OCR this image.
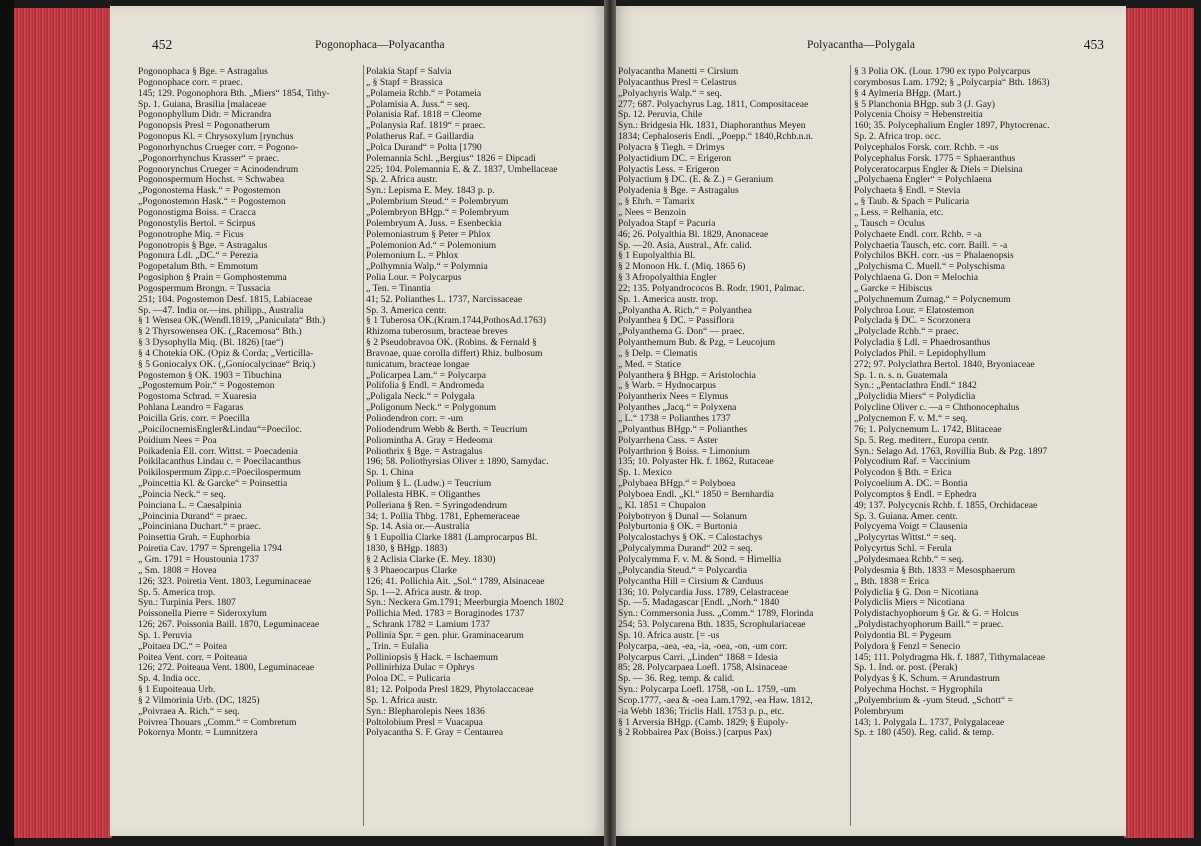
452	Pogonophaca—Polyacantha
Pogonophaca § Bge. = Astragalus
Pogonophace corr. = praec.
145; 129. Pogonophora Bth. „Miers“ 1854, Tithy-
Sp. 1. Guiana, Brasilia [malaceae
Pogonophyllum Didr. = Micrandra
Pogonopsis Presl = Pogonatherum
Pogonopus Kl. = Chrysoxylum [rynchus
Pogonorhynchus Crueger corr. = Pogono-
„Pogonorrhynchus Krasser“ = praec.
Pogonorynchus Crueger = Acinodendrum
Pogonospermum Hochst. = Schwabea
„Pogonostema Hask.“ = Pogostemon
„Pogonostemon Hask.“ = Pogostemon
Pogonostigma Boiss. = Cracca
Pogonostylis Bertol. = Scirpus
Pogonotrophe Miq. = Ficus
Pogonotropis § Bge. = Astragalus
Pogonura Ldl. „DC.“ = Perezia
Pogopetalum Bth. = Emmotum
Pogosiphon § Prain = Gomphostemma
Pogospermum Brongn. = Tussacia
251; 104. Pogostemon Desf. 1815, Labiaceae
Sp. —47. India or.—ins. philipp., Australia
§ 1 Wensea OK.(Wendl.1819, „Paniculata“ Bth.)
§ 2 Thyrsowensea OK. („Racemosa“ Bth.)
§ 3 Dysophylla Miq. (Bl. 1826) [tae“)
§ 4 Chotekia OK. (Opiz & Corda; „Verticilla-
§ 5 Goniocalyx OK. („Goniocalycinae“ Briq.)
Pogostemon § OK. 1903 = Tibuchina
„Pogostemum Poir.“ = Pogostemon
Pogostoma Schrad. = Xuaresia
Pohlana Leandro = Fagaras
Poicilla Gris. corr. = Poecilla
„PoicilocnemisEngler&Lindau“=Poeciloc.
Poidium Nees = Poa
Poikadenia Ell. corr. Wittst. = Poecadenia
Poikilacanthus Lindau c. = Poecilacanthus
Poikilospermum Zipp.c.=Poecilospermum
„Poincettia Kl. & Garcke“ = Poinsettia
„Poincia Neck.“ = seq.
Poinciana L. = Caesalpinia
„Poincinia Durand“ = praec.
„Poinciniana Duchart.“ = praec.
Poinsettia Grah. = Euphorbia
Poiretia Cav. 1797 = Sprengelia 1794
„ Gm. 1791 = Houstounia 1737
„ Sm. 1808 = Hovea
126; 323. Poiretia Vent. 1803, Leguminaceae
Sp. 5. America trop.
Syn.: Turpinia Pers. 1807
Poissonella Pierre = Sideroxylum
126; 267. Poissonia Baill. 1870, Leguminaceae
Sp. 1. Peruvia
„Poitaea DC.“ = Poitea
Poitea Vent. corr. = Poiteaua
126; 272. Poiteaua Vent. 1800, Leguminaceae
Sp. 4. India occ.
§ 1 Eupoiteaua Urb.
§ 2 Vilmorinia Urb. (DC. 1825)
„Poivraea A. Rich.“ = seq.
Poivrea Thouars „Comm.“ = Combretum
Pokornya Montr. = Lumnitzera
Polakia Stapf = Salvia
„ § Stapf = Brassica
„Polameia Rchb.“ = Potameia
„Polamisia A. Juss.“ = seq.
Polanisia Raf. 1818 = Cleome
„Polanysia Raf. 1819“ = praec.
Polatherus Raf. = Gaillardia
„Polca Durand“ = Polta [1790
Polemannia Schl. „Bergius“ 1826 = Dipcadi
225; 104. Polemannia E. & Z. 1837, Umbellaceae
Sp. 2. Africa austr.
Syn.: Lepisma E. Mey. 1843 p. p.
„Polembrium Steud.“ = Polembryum
„Polembryon BHgp.“ = Polembryum
Polembryum A. Juss. = Esenbeckia
Polemoniastrum § Peter = Phlox
„Polemonion Ad.“ = Polemonium
Polemonium L. = Phlox
„Polhymnia Walp.“ = Polymnia
Polia Lour. = Polycarpus
„ Ten. = Tinantia
41; 52. Polianthes L. 1737, Narcissaceae
Sp. 3. America centr.
§ 1 Tuberosa OK.(Kram.1744,PothosAd.1763)
Rhizoma tuberosum, bracteae breves
§ 2 Pseudobravoa OK. (Robins. & Fernald §
Bravoae, quae corolla differt) Rhiz. bulbosum
tunicatum, bracteae longae
„Policarpea Lam.“ = Polycarpa
Polifolia § Endl. = Andromeda
„Poligala Neck.“ = Polygala
„Poligonum Neck.“ = Polygonum
Poliodendron corr. = -um
Poliodendrum Webb & Berth. = Teucrium
Poliomintha A. Gray = Hedeoma
Poliothrix § Bge. = Astragalus
196; 58. Poliothyrsias Oliver ± 1890, Samydac.
Sp. 1. China
Polium § L. (Ludw.) = Teucrium
Pollalesta HBK. = Oliganthes
Polleriana § Ren. = Syringodendrum
34; 1. Pollia Thbg. 1781, Ephemeraceae
Sp. 14. Asia or.—Australia
§ 1 Eupollia Clarke 1881 (Lamprocarpus Bl.
1830, § BHgp. 1883)
§ 2 Aclisia Clarke (E. Mey. 1830)
§ 3 Phaeocarpus Clarke
126; 41. Pollichia Ait. „Sol.“ 1789, Alsinaceae
Sp. 1—2. Africa austr. & trop.
Syn.: Neckera Gm.1791; Meerburgia Moench 1802
Pollichia Med. 1783 = Boraginodes 1737
„ Schrank 1782 = Lamium 1737
Pollinia Spr. = gen. plur. Graminacearum
„ Trin. = Eulalia
Polliniopsis § Hack. = Ischaemum
Pollinirhiza Dulac = Ophrys
Poloa DC. = Pulicaria
81; 12. Polpoda Presl 1829, Phytolaccaceae
Sp. 1. Africa austr.
Syn.: Blepharolepis Nees 1836
Poltolobium Presl = Vuacapua
Polyacantha S. F. Gray = Centaurea
Polyacantha—Polygala	453
Polyacantha Manetti = Cirsium
Polyacanthus Presl = Celastrus
„Polyachyris Walp.“ = seq.
277; 687. Polyachyrus Lag. 1811, Compositaceae
Sp. 12. Peruvia, Chile
Syn.: Bridgesia Hk. 1831, Diaphoranthus Meyen
1834; Cephaloseris Endl. „Poepp.“ 1840,Rchb.n.n.
Polyacra § Tiegh. = Drimys
Polyactidium DC. = Erigeron
Polyactis Less. = Erigeron
Polyactium § DC. (E. & Z.) = Geranium
Polyadenia § Bge. = Astragalus
„ § Ehrh. = Tamarix
„ Nees = Benzoin
Polyadoa Stapf = Pacuria
46; 26. Polyalthia Bl. 1829, Anonaceae
Sp. —20. Asia, Austral., Afr. calid.
§ 1 Eupolyalthia Bl.
§ 2 Monoon Hk. f. (Miq. 1865 6)
§ 3 Afropolyalthia Engler
22; 135. Polyandrococos B. Rodr. 1901, Palmac.
Sp. 1. America austr. trop.
„Polyantha A. Rich.“ = Polyanthea
Polyanthea § DC. = Passiflora
„Polyanthema G. Don“ — praec.
Polyanthemum Bub. & Pzg. = Leucojum
„ § Delp. = Clematis
„ Med. = Statice
Polyanthera § BHgp. = Aristolochia
„ § Warb. = Hydnocarpus
Polyantherix Nees = Elymus
Polyanthes „Jacq.“ = Polyxena
„ L.“ 1738 = Polianthes 1737
„Polyanthus BHgp.“ = Polianthes
Polyarrhena Cass. = Aster
Polyarthrion § Boiss. = Limonium
135; 10. Polyaster Hk. f. 1862, Rutaceae
Sp. 1. Mexico
„Polybaea BHgp.“ = Polyboea
Polyboea Endl. „Kl.“ 1850 = Bernhardia
„ Kl. 1851 = Chupalon
Polybotryon § Dunal — Solanum
Polyburtonia § OK. = Burtonia
Polycalostachys § OK. = Calostachys
„Polycalymma Durand“ 202 = seq.
Polycalymma F. v. M. & Sond. = Hirnellia
„Polycandia Steud.“ = Polycardia
Polycantha Hill = Cirsium & Carduus
136; 10. Polycardia Juss. 1789, Celastraceae
Sp. —5. Madagascar [Endl. „Norh.“ 1840
Syn.: Commersonia Juss. „Comm.“ 1789, Florinda
254; 53. Polycarena Bth. 1835, Scrophulariaceae
Sp. 10. Africa austr. [= -us
Polycarpa, -aea, -ea, -ia, -oea, -on, -um corr.
Polycarpus Carri. „Linden“ 1868 = Idesia
85; 28. Polycarpaea Loefl. 1758, Alsinaceae
Sp. — 36. Reg. temp. & calid.
Syn.: Polycarpa Loefl. 1758, -on L. 1759, -um
Scop.1777, -aea & -oea Lam.1792, -ea Haw. 1812,
-ia Webb 1836; Triclis Hall. 1753 p. p., etc.
§ 1 Arversia BHgp. (Camb. 1829; § Eupoly-
§ 2 Robbairea Pax (Boiss.) [carpus Pax)
§ 3 Polia OK. (Lour. 1790 ex typo Polycarpus
corymbosus Lam. 1792; § „Polycarpia“ Bth. 1863)
§ 4 Aylmeria BHgp. (Mart.)
§ 5 Planchonia BHgp. sub 3 (J. Gay)
Polycenia Choisy = Hebenstreitia
160; 35. Polycephalium Engler 1897, Phytocrenac.
Sp. 2. Africa trop. occ.
Polycephalos Forsk. corr. Rchb. = -us
Polycephalus Forsk. 1775 = Sphaeranthus
Polyceratocarpus Engler & Diels = Dielsina
„Polychaena Engler“ = Polychlaena
Polychaeta § Endl. = Stevia
„ § Taub. & Spach = Pulicaria
„ Less. = Relhania, etc.
„ Tausch = Oculus
Polychaete Endl. corr. Rchb. = -a
Polychaetia Tausch, etc. corr. Baill. = -a
Polychilos BKH. corr. -us = Phalaenopsis
„Polychisma C. Muell.“ = Polyschisma
Polychlaena G. Don = Melochia
„ Garcke = Hibiscus
„Polychnemum Zumag.“ = Polycnemum
Polychroa Lour. = Elatostemon
Polyclada § DC. = Scorzonera
„Polyclade Rchb.“ = praec.
Polycladia § Ldl. = Phaedrosanthus
Polyclados Phil. = Lepidophyllum
272; 97. Polyclathra Bertol. 1840, Bryoniaceae
Sp. 1. n. s. n. Guatemala
Syn.: „Pentaclathra Endl.“ 1842
„Polyclidia Miers“ = Polydiclia
Polycline Oliver c. —a = Chthonocephalus
„Polycnemon F. v. M.“ = seq.
76; 1. Polycnemum L. 1742, Blitaceae
Sp. 5. Reg. mediterr., Europa centr.
Syn.: Selago Ad. 1763, Rovillia Bub. & Pzg. 1897
Polycodium Raf. = Vaccinium
Polycodon § Bth. = Erica
Polycoelium A. DC. = Bontia
Polycomptos § Endl. = Ephedra
49; 137. Polycycnis Rchb. f. 1855, Orchidaceae
Sp. 3. Guiana. Amer. centr.
Polycyema Voigt = Clausenia
„Polycyrtas Wittst.“ = seq.
Polycyrtus Schl. = Ferula
„Polydesmaea Rchb.“ = seq.
Polydesmia § Bth. 1833 = Mesosphaerum
„ Bth. 1838 = Erica
Polydiclia § G. Don = Nicotiana
Polydiclis Miers = Nicotiana
Polydistachyophorum § Gr. & G. = Holcus
„Polydistachyophorum Baill.“ = praec.
Polydontia Bl. = Pygeum
Polydora § Fenzl = Senecio
145; 111. Polydragma Hk. f. 1887, Tithymalaceae
Sp. 1. Ind. or. post. (Perak)
Polydyas § K. Schum. = Arundastrum
Polyechma Hochst. = Hygrophila
„Polyembrium & -yum Steud. „Schott“ =
Polembryum
143; 1. Polygala L. 1737, Polygalaceae
Sp. ± 180 (450). Reg. calid. & temp.
